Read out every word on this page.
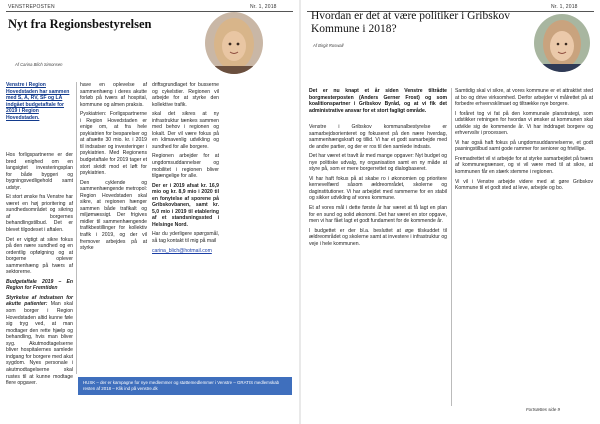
VENSTREPOSTEN	Nr. 1, 2018
Nyt fra Regionsbestyrelsen
Af Carina Blich Simonsen
Venstre i Region Hovedstaden har sammen med S, Å, RV, SF og LA indgået budgetaftale for 2019 i Region Hovedstaden.

Hos forligspartnerne er der bred enighed om en langsigtet investeringsplan for både byggeri og bygningsvedligehold samt udstyr.

Et stort ønske fra Venstre har været en høj prioritering af sundhedsområdet og sikring af borgernes behandlingstilbud. Det er blevet tilgodeset i aftalen.

Det er vigtigt at sikre fokus på den nære sundhed og en ordentlig opfølgning og at borgerne oplever sammenhæng på tværs af sektorerne.

Budgetaftale 2019 – En Region for Fremtiden

Styrkelse af indsatsen for akutte patienter: Man skal som borger i Region Hovedstaden altid kunne føle sig tryg ved, at man modtager den rette hjælp og behandling, hvis man bliver syg. Akutmodtagelserne bliver hospitalernes samlede indgang for borgere med akut sygdom. Nyes personale i akutmodtagelserne skal rustes til at kunne modtage flere opgaver.

have en oplevelse af sammenhæng i deres akutte forløb på tværs af hospital, kommune og almen praksis.

Pyskiatrien: Forligspartnerne i Region Hovedstaden er enige om, at fra hele psykiatrien for besparelser og at afsætte 30 mio. kr. i 2019 til indsatser og investeringer i psykiatrien. Med Regionens budgetaftale for 2019 tager et stort skridt mod et løft for psykiatrien.

Den cyklende og sammenhængende metropol: Region Hovedstaden skal sikre, at regionen hænger sammen både trafikalt og miljømæssigt. Der frigives midler til sammenhængende trafikbestillinger for kollektiv trafik i 2019, og der vil fremover arbejdes på at styrke

driftsgrundlaget for busserne og cykelstier. Regionen vil arbejde for at styrke den kollektive trafik.

skal det sikres at ny infrastruktur tænkes sammen med behov i regionen og lokalt. Der vil være fokus på en klimavenlig udvikling og sundhed for alle borgere.

Regionen arbejder for at ungdomsuddannelser og mobilitet i regionen bliver tilgængelige for alle.

Der er i 2019 afsat kr. 16,9 mio og kr. 8,9 mio i 2020 til en fonytelse af sporene på Gribskovbanen, samt kr. 5,0 mio i 2019 til etablering af et standsningssted i Helsinge Nord.

Har du yderligere spørgsmål, så tag kontakt til mig på mail

carina_blich@hotmail.com

HUSK – der er kampagne for nye medlemmer og støttemedlemmer i Venstre – GRATIS medlemskab resten af 2018 – Klik ind på venstre.dk
Nr. 1, 2018
Hvordan er det at være politiker i Gribskov Kommune i 2018?
Af Birgit Roswall
Det er nu knapt et år siden Venstre tiltrådte borgmesterposten (Anders Gerner Frost) og som koalitionspartner i Gribskov Byråd, og at vi fik det administrative ansvar for et stort fagligt område.

Venstre i Gribskov kommunalbestyrelse er samarbejdsorienteret og fokuseret på den nære hverdag, sammenhængskraft og tillid. Vi har et godt samarbejde med de andre partier, og der er ros til den samlede indsats.

Det har været et travlt år med mange opgaver: Nyt budget og nye politiske udvalg, ny organisation samt en ny måde at styre på, som er mere borgerrettet og dialogbaseret.

Vi har haft fokus på at skabe ro i økonomien og prioritere kernevelfærd såsom ældreområdet, skolerne og daginstitutioner. Vi har arbejdet med rammerne for en stabil og sikker udvikling af vores kommune.

Et af vores mål i dette første år har været at få lagt en plan for en sund og solid økonomi. Det har været en stor opgave, men vi har fået lagt et godt fundament for de kommende år.

I budgettet er der bl.a. besluttet at øge tilskuddet til ældreområdet og skolerne samt at investere i infrastruktur og veje i hele kommunen.

Samtidig skal vi sikre, at vores kommune er et attraktivt sted at bo og drive virksomhed. Derfor arbejder vi målrettet på at forbedre erhvervsklimaet og tiltrække nye borgere.

I foråret tog vi fat på den kommunale planstrategi, som udstikker retningen for hvordan vi ønsker at kommunen skal udvikle sig de kommende år. Vi har inddraget borgere og erhvervsliv i processen.

Vi har også haft fokus på ungdomsuddannelserne, et godt pasningstilbud samt gode rammer for seniorer og frivillige.

Fremadrettet vil vi arbejde for at styrke samarbejdet på tværs af kommunegrænser, og vi vil være med til at sikre, at kommunen får en stærk stemme i regionen.

Vi vil i Venstre arbejde videre med at gøre Gribskov Kommune til et godt sted at leve, arbejde og bo.

Fortsættes side 9
